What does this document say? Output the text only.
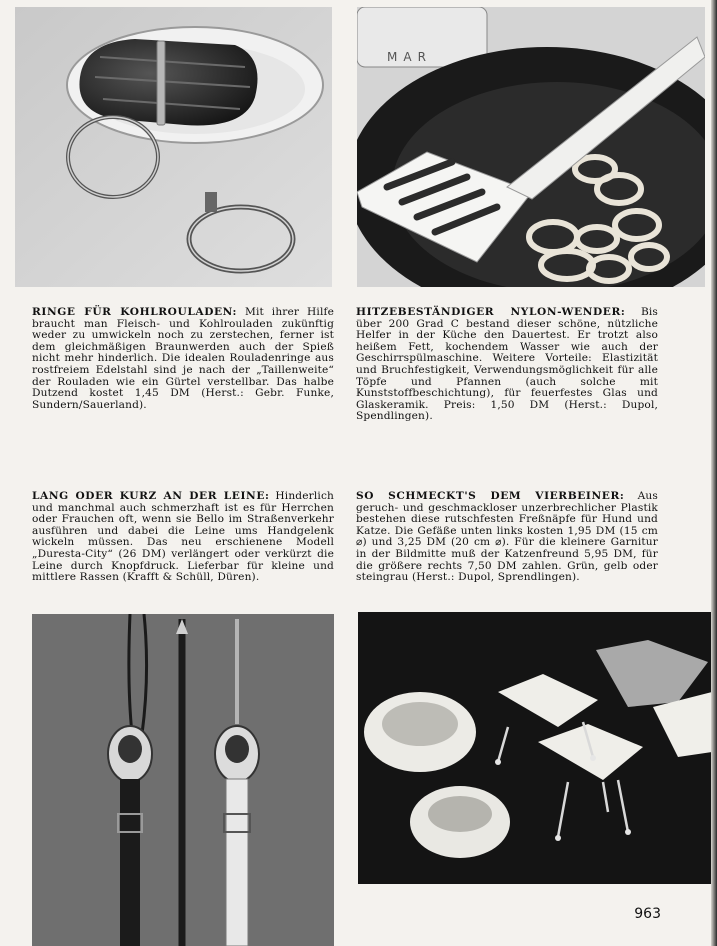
MAR
RINGE FÜR KOHLROULADEN: Mit ihrer Hilfe braucht man Fleisch- und Kohlrouladen zukünftig weder zu umwickeln noch zu zerstechen, ferner ist dem gleichmäßigen Braunwerden auch der Spieß nicht mehr hinderlich. Die idealen Rouladenringe aus rostfreiem Edelstahl sind je nach der „Taillenweite“ der Rouladen wie ein Gürtel verstellbar. Das halbe Dutzend kostet 1,45 DM (Herst.: Gebr. Funke, Sundern/Sauerland).
HITZEBESTÄNDIGER NYLON-WENDER: Bis über 200 Grad C bestand dieser schöne, nützliche Helfer in der Küche den Dauertest. Er trotzt also heißem Fett, kochendem Wasser wie auch der Geschirrspülmaschine. Weitere Vorteile: Elastizität und Bruchfestigkeit, Verwendungsmöglichkeit für alle Töpfe und Pfannen (auch solche mit Kunststoffbeschichtung), für feuerfestes Glas und Glaskeramik. Preis: 1,50 DM (Herst.: Dupol, Spendlingen).
LANG ODER KURZ AN DER LEINE: Hinderlich und manchmal auch schmerzhaft ist es für Herrchen oder Frauchen oft, wenn sie Bello im Straßenverkehr ausführen und dabei die Leine ums Handgelenk wickeln müssen. Das neu erschienene Modell „Duresta-City“ (26 DM) verlängert oder verkürzt die Leine durch Knopfdruck. Lieferbar für kleine und mittlere Rassen (Krafft & Schüll, Düren).
SO SCHMECKT'S DEM VIERBEINER: Aus geruch- und geschmackloser unzerbrechlicher Plastik bestehen diese rutschfesten Freßnäpfe für Hund und Katze. Die Gefäße unten links kosten 1,95 DM (15 cm ⌀) und 3,25 DM (20 cm ⌀). Für die kleinere Garnitur in der Bildmitte muß der Katzenfreund 5,95 DM, für die größere rechts 7,50 DM zahlen. Grün, gelb oder steingrau (Herst.: Dupol, Sprendlingen).
963
